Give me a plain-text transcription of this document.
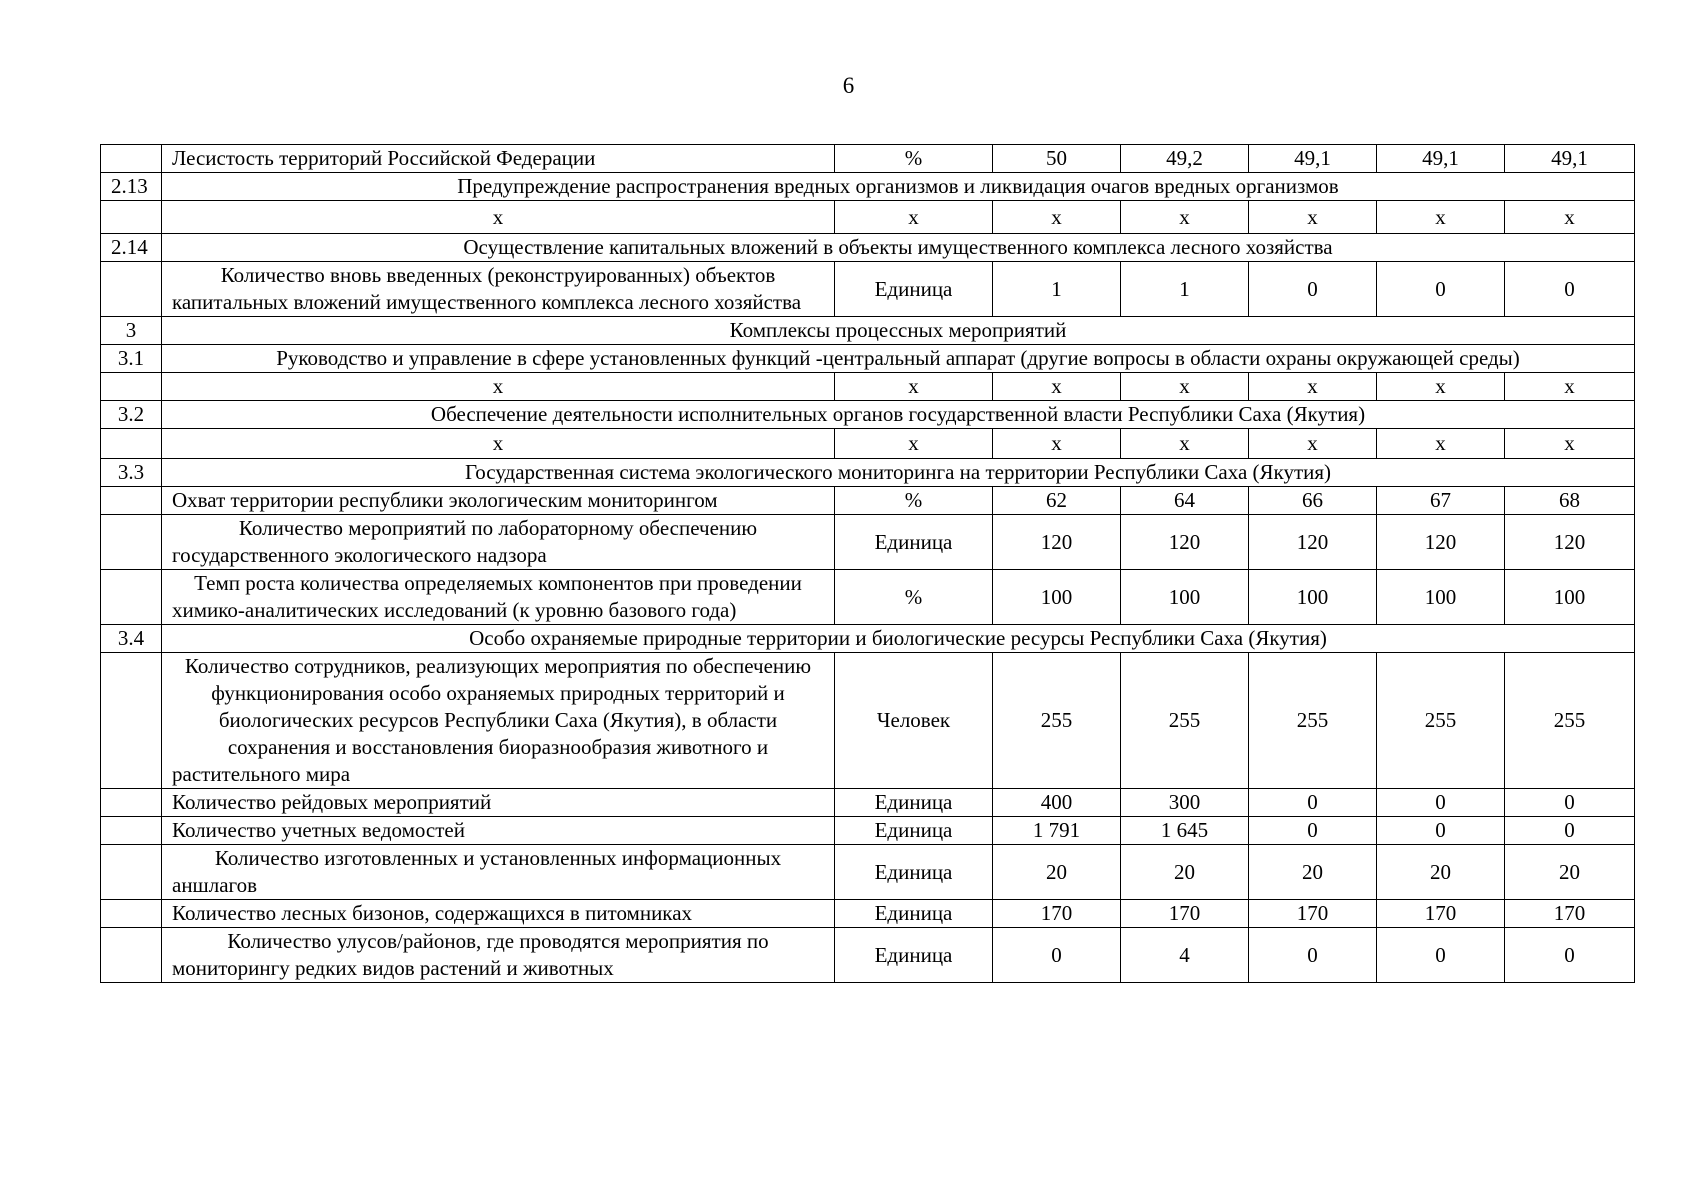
6
	Лесистость территорий Российской Федерации	%	50	49,2	49,1	49,1	49,1
2.13	Предупреждение распространения вредных организмов и ликвидация очагов вредных организмов						
	x	x	x	x	x	x	x
2.14	Осуществление капитальных вложений в объекты имущественного комплекса лесного хозяйства						
	Количество вновь введенных (реконструированных) объектов капитальных вложений имущественного комплекса лесного хозяйства	Единица	1	1	0	0	0
3	Комплексы процессных мероприятий						
3.1	Руководство и управление в сфере установленных функций -центральный аппарат (другие вопросы в области охраны окружающей среды)						
	x	x	x	x	x	x	x
3.2	Обеспечение деятельности исполнительных органов государственной власти Республики Саха (Якутия)						
	x	x	x	x	x	x	x
3.3	Государственная система экологического мониторинга на территории Республики Саха (Якутия)						
	Охват территории республики экологическим мониторингом	%	62	64	66	67	68
	Количество мероприятий по лабораторному обеспечению государственного экологического надзора	Единица	120	120	120	120	120
	Темп роста количества определяемых компонентов при проведении химико-аналитических исследований (к уровню базового года)	%	100	100	100	100	100
3.4	Особо охраняемые природные территории и биологические ресурсы Республики Саха (Якутия)						
	Количество сотрудников, реализующих мероприятия по обеспечению функционирования особо охраняемых природных территорий и биологических ресурсов Республики Саха (Якутия), в области сохранения и восстановления биоразнообразия животного и растительного мира	Человек	255	255	255	255	255
	Количество рейдовых мероприятий	Единица	400	300	0	0	0
	Количество учетных ведомостей	Единица	1 791	1 645	0	0	0
	Количество изготовленных и установленных информационных аншлагов	Единица	20	20	20	20	20
	Количество лесных бизонов, содержащихся в питомниках	Единица	170	170	170	170	170
	Количество улусов/районов, где проводятся мероприятия по мониторингу редких видов растений и животных	Единица	0	4	0	0	0
